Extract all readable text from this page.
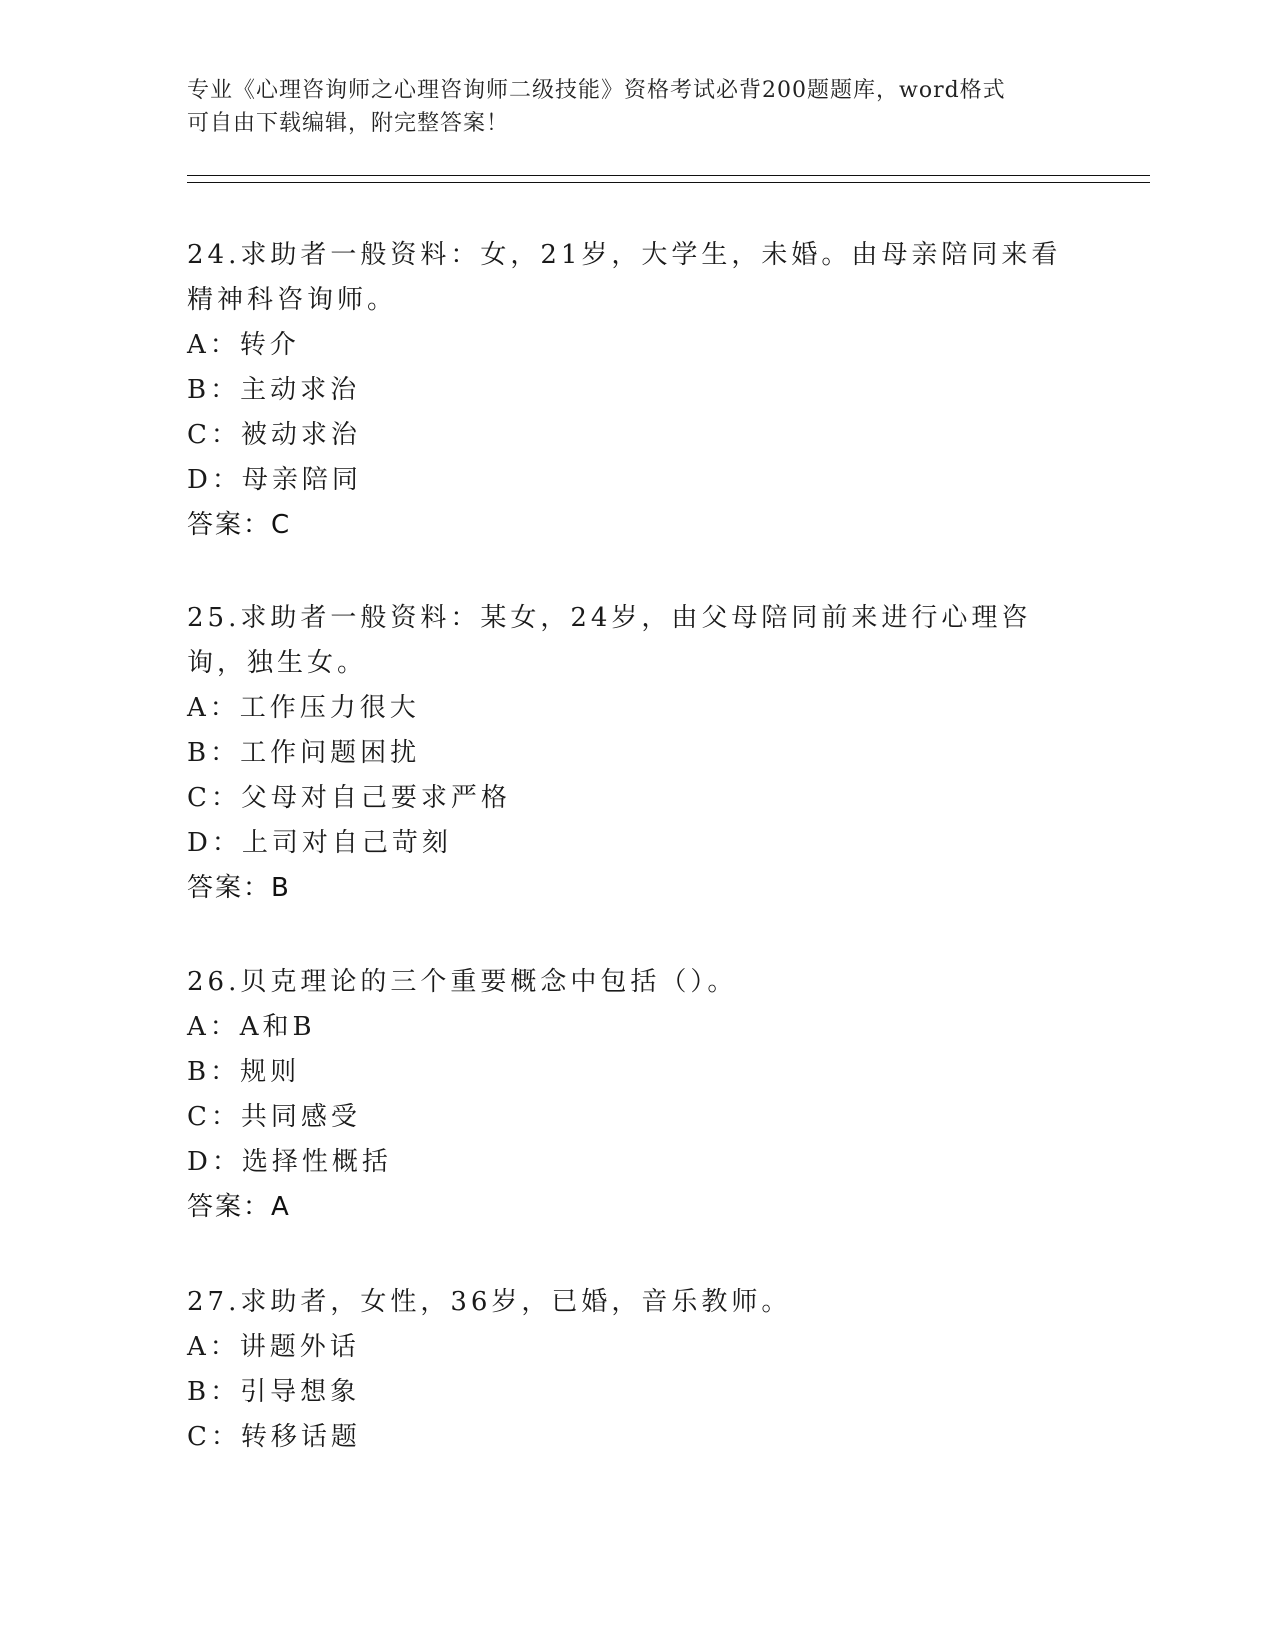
专业《心理咨询师之心理咨询师二级技能》资格考试必背200题题库，word格式
可自由下载编辑，附完整答案！

24.求助者一般资料：女，21岁，大学生，未婚。由母亲陪同来看精神科咨询师。

A：转介

B：主动求治

C：被动求治

D：母亲陪同

答案：C

25.求助者一般资料：某女，24岁，由父母陪同前来进行心理咨询，独生女。

A：工作压力很大

B：工作问题困扰

C：父母对自己要求严格

D：上司对自己苛刻

答案：B

26.贝克理论的三个重要概念中包括（）。

A：A和B

B：规则

C：共同感受

D：选择性概括

答案：A

27.求助者，女性，36岁，已婚，音乐教师。

A：讲题外话

B：引导想象

C：转移话题
